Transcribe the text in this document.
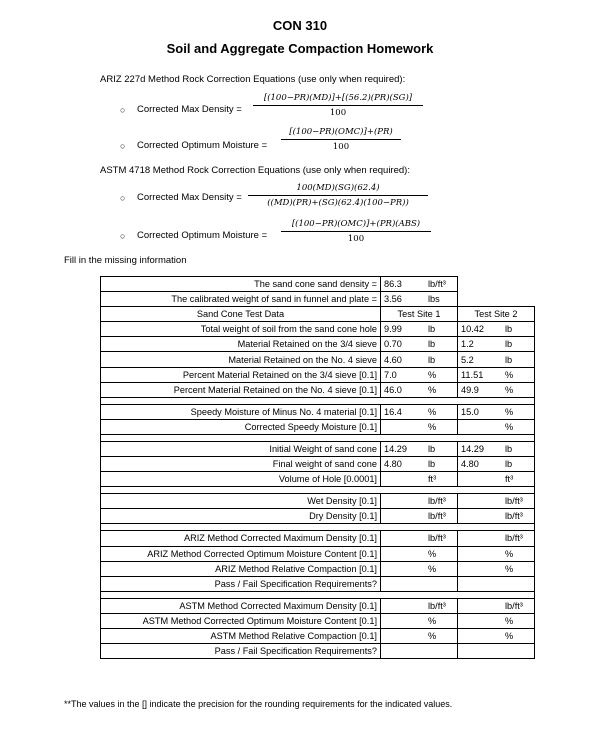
CON 310
Soil and Aggregate Compaction Homework
ARIZ 227d Method Rock Correction Equations (use only when required):
○ Corrected Max Density = $\frac{[(100-PR)(MD)]+[(56.2)(PR)(SG)]}{100}$
○ Corrected Optimum Moisture =
[(100−PR)(OMC)]+(PR)
100
ASTM 4718 Method Rock Correction Equations (use only when required):
○ Corrected Max Density = $\frac{100(MD)(SG)(62.4)}{((MD)(PR)+(SG)(62.4)(100-PR))}$
○ Corrected Optimum Moisture =
[(100−PR)(OMC)]+(PR)(ABS)
100
Fill in the missing information
The sand cone sand density =	86.3 lb/ft³	

The calibrated weight of sand in funnel and plate =	3.56 lbs	

Sand Cone Test Data	Test Site 1	Test Site 2
Total weight of soil from the sand cone hole	9.99 lb	10.42 lb

Material Retained on the 3/4 sieve	0.70 lb	1.2 lb

Material Retained on the No. 4 sieve	4.60 lb	5.2 lb

Percent Material Retained on the 3/4 sieve [0.1]	7.0 %	11.51 %

Percent Material Retained on the No. 4 sieve [0.1]	46.0 %	49.9 %

Speedy Moisture of Minus No. 4 material [0.1]	16.4 %	15.0 %

Corrected Speedy Moisture [0.1]	%	%

Initial Weight of sand cone	14.29 lb	14.29 lb

Final weight of sand cone	4.80 lb	4.80 lb

Volume of Hole [0.0001]	ft³	ft³

Wet Density [0.1]	lb/ft³	lb/ft³

Dry Density [0.1]	lb/ft³	lb/ft³

ARIZ Method Corrected Maximum Density [0.1]	lb/ft³	lb/ft³

ARIZ Method Corrected Optimum Moisture Content [0.1]	%	%

ARIZ Method Relative Compaction [0.1]	%	%

Pass / Fail Specification Requirements?	

ASTM Method Corrected Maximum Density [0.1]	lb/ft³	lb/ft³

ASTM Method Corrected Optimum Moisture Content [0.1]	%	%

ASTM Method Relative Compaction [0.1]	%	%

Pass / Fail Specification Requirements?	

**The values in the [] indicate the precision for the rounding requirements for the indicated values.
